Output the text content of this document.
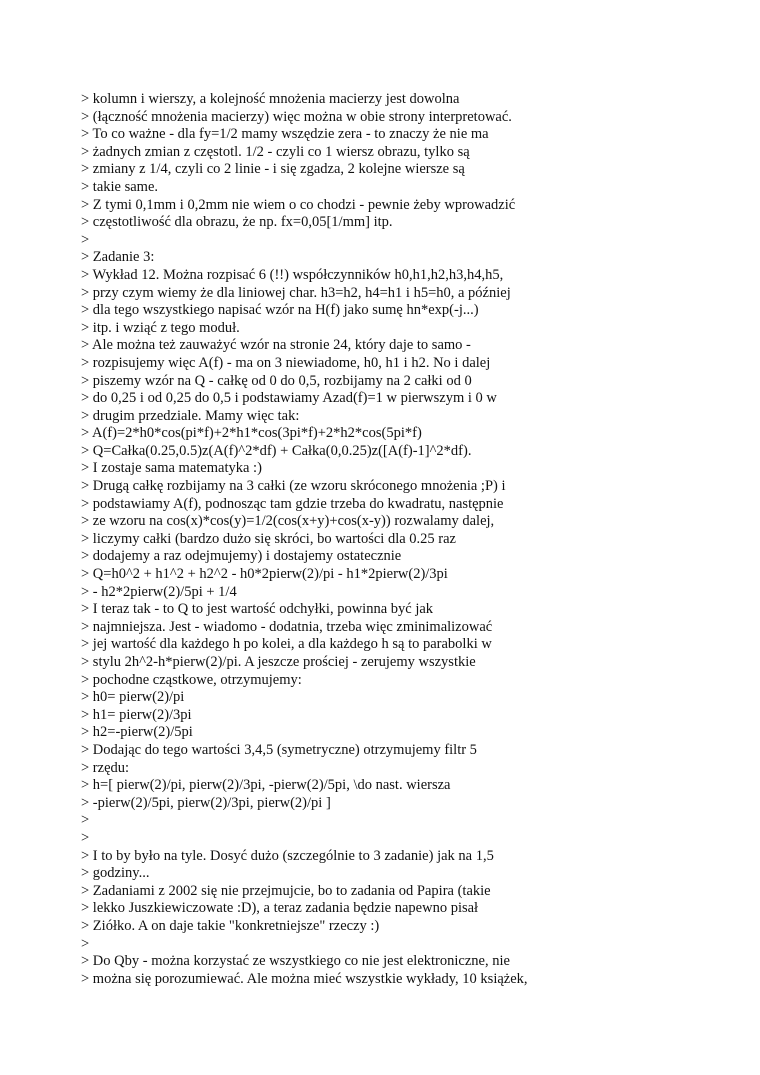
> kolumn i wierszy, a kolejność mnożenia macierzy jest dowolna
> (łączność mnożenia macierzy) więc można w obie strony interpretować.
> To co ważne - dla fy=1/2 mamy wszędzie zera - to znaczy że nie ma
> żadnych zmian z częstotl. 1/2 - czyli co 1 wiersz obrazu, tylko są
> zmiany z 1/4, czyli co 2 linie - i się zgadza, 2 kolejne wiersze są
> takie same.
> Z tymi 0,1mm i 0,2mm nie wiem o co chodzi - pewnie żeby wprowadzić
> częstotliwość dla obrazu, że np. fx=0,05[1/mm] itp.
>
> Zadanie 3:
> Wykład 12. Można rozpisać 6 (!!) współczynników h0,h1,h2,h3,h4,h5,
> przy czym wiemy że dla liniowej char. h3=h2, h4=h1 i h5=h0, a później
> dla tego wszystkiego napisać wzór na H(f) jako sumę hn*exp(-j...)
> itp. i wziąć z tego moduł.
> Ale można też zauważyć wzór na stronie 24, który daje to samo -
> rozpisujemy więc A(f) - ma on 3 niewiadome, h0, h1 i h2. No i dalej
> piszemy wzór na Q - całkę od 0 do 0,5, rozbijamy na 2 całki od 0
> do 0,25 i od 0,25 do 0,5 i podstawiamy Azad(f)=1 w pierwszym i 0 w
> drugim przedziale. Mamy więc tak:
> A(f)=2*h0*cos(pi*f)+2*h1*cos(3pi*f)+2*h2*cos(5pi*f)
> Q=Całka(0.25,0.5)z(A(f)^2*df) + Całka(0,0.25)z([A(f)-1]^2*df).
> I zostaje sama matematyka :)
> Drugą całkę rozbijamy na 3 całki (ze wzoru skróconego mnożenia ;P) i
> podstawiamy A(f), podnosząc tam gdzie trzeba do kwadratu, następnie
> ze wzoru na cos(x)*cos(y)=1/2(cos(x+y)+cos(x-y)) rozwalamy dalej,
> liczymy całki (bardzo dużo się skróci, bo wartości dla 0.25 raz
> dodajemy a raz odejmujemy) i dostajemy ostatecznie
> Q=h0^2 + h1^2 + h2^2 - h0*2pierw(2)/pi - h1*2pierw(2)/3pi
> - h2*2pierw(2)/5pi + 1/4
> I teraz tak - to Q to jest wartość odchyłki, powinna być jak
> najmniejsza. Jest - wiadomo - dodatnia, trzeba więc zminimalizować
> jej wartość dla każdego h po kolei, a dla każdego h są to parabolki w
> stylu 2h^2-h*pierw(2)/pi. A jeszcze prościej - zerujemy wszystkie
> pochodne cząstkowe, otrzymujemy:
> h0= pierw(2)/pi
> h1= pierw(2)/3pi
> h2=-pierw(2)/5pi
> Dodając do tego wartości 3,4,5 (symetryczne) otrzymujemy filtr 5
> rzędu:
> h=[ pierw(2)/pi, pierw(2)/3pi, -pierw(2)/5pi, \do nast. wiersza
> -pierw(2)/5pi, pierw(2)/3pi, pierw(2)/pi ]
>
>
> I to by było na tyle. Dosyć dużo (szczególnie to 3 zadanie) jak na 1,5
> godziny...
> Zadaniami z 2002 się nie przejmujcie, bo to zadania od Papira (takie
> lekko Juszkiewiczowate :D), a teraz zadania będzie napewno pisał
> Ziółko. A on daje takie "konkretniejsze" rzeczy :)
>
> Do Qby - można korzystać ze wszystkiego co nie jest elektroniczne, nie
> można się porozumiewać. Ale można mieć wszystkie wykłady, 10 książek,
